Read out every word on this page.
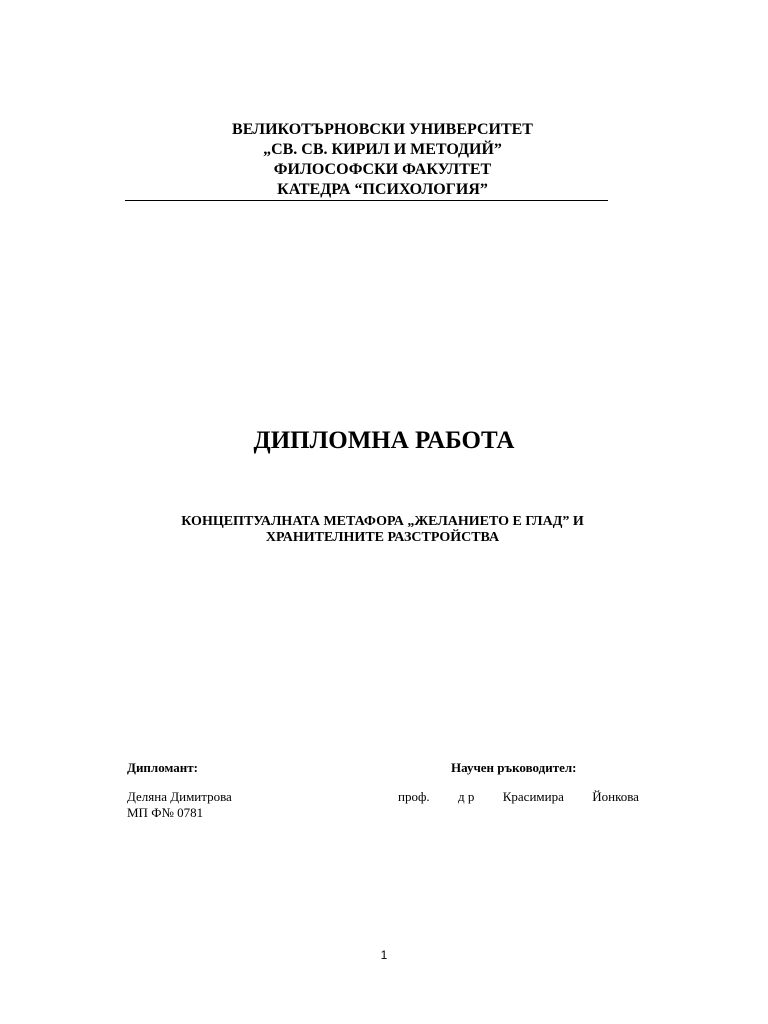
ВЕЛИКОТЪРНОВСКИ УНИВЕРСИТЕТ
„СВ. СВ. КИРИЛ И МЕТОДИЙ”
ФИЛОСОФСКИ ФАКУЛТЕТ
КАТЕДРА “ПСИХОЛОГИЯ”
ДИПЛОМНА РАБОТА
КОНЦЕПТУАЛНАТА МЕТАФОРА „ЖЕЛАНИЕТО Е ГЛАД” И
ХРАНИТЕЛНИТЕ РАЗСТРОЙСТВА
Дипломант:
Деляна Димитрова
МП Ф№ 0781
Научен ръководител:
проф. д р Красимира Йонкова
1
